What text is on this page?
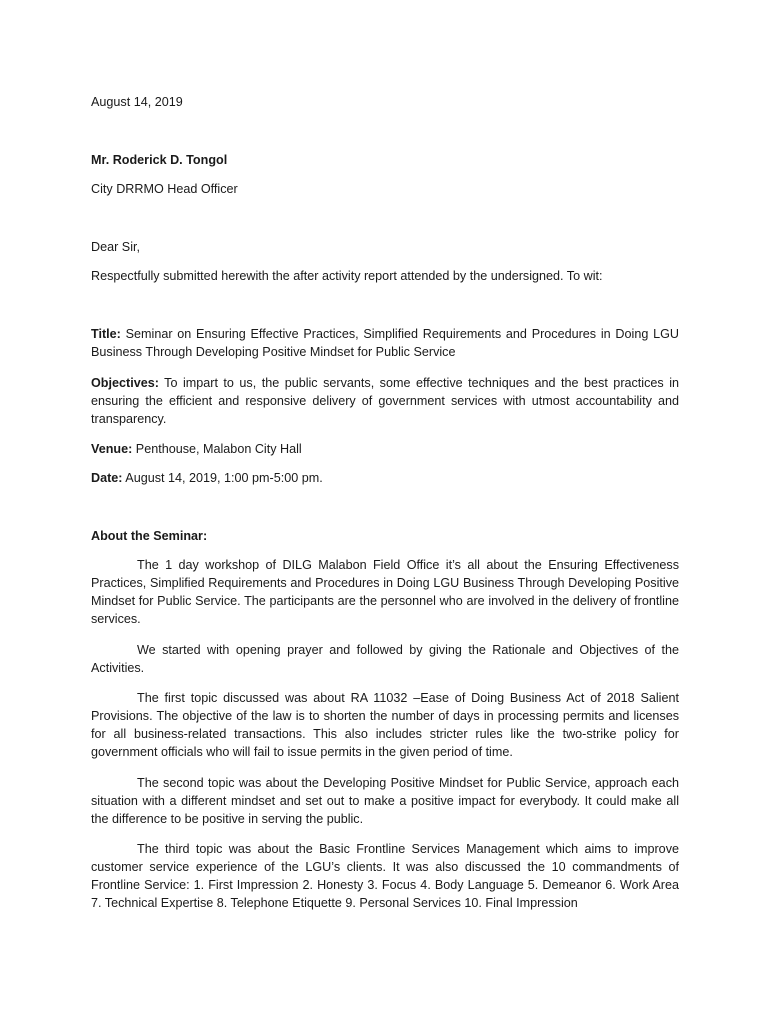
August 14, 2019
Mr. Roderick D. Tongol
City DRRMO Head Officer
Dear Sir,
Respectfully submitted herewith the after activity report attended by the undersigned. To wit:
Title: Seminar on Ensuring Effective Practices, Simplified Requirements and Procedures in Doing LGU Business Through Developing Positive Mindset for Public Service
Objectives: To impart to us, the public servants, some effective techniques and the best practices in ensuring the efficient and responsive delivery of government services with utmost accountability and transparency.
Venue: Penthouse, Malabon City Hall
Date: August 14, 2019, 1:00 pm-5:00 pm.
About the Seminar:
The 1 day workshop of DILG Malabon Field Office it’s all about the Ensuring Effectiveness Practices, Simplified Requirements and Procedures in Doing LGU Business Through Developing Positive Mindset for Public Service. The participants are the personnel who are involved in the delivery of frontline services.
We started with opening prayer and followed by giving the Rationale and Objectives of the Activities.
The first topic discussed was about RA 11032 –Ease of Doing Business Act of 2018 Salient Provisions. The objective of the law is to shorten the number of days in processing permits and licenses for all business-related transactions. This also includes stricter rules like the two-strike policy for government officials who will fail to issue permits in the given period of time.
The second topic was about the Developing Positive Mindset for Public Service, approach each situation with a different mindset and set out to make a positive impact for everybody. It could make all the difference to be positive in serving the public.
The third topic was about the Basic Frontline Services Management which aims to improve customer service experience of the LGU’s clients. It was also discussed the 10 commandments of Frontline Service: 1. First Impression 2. Honesty 3. Focus 4. Body Language 5. Demeanor 6. Work Area 7. Technical Expertise 8. Telephone Etiquette 9. Personal Services 10. Final Impression
